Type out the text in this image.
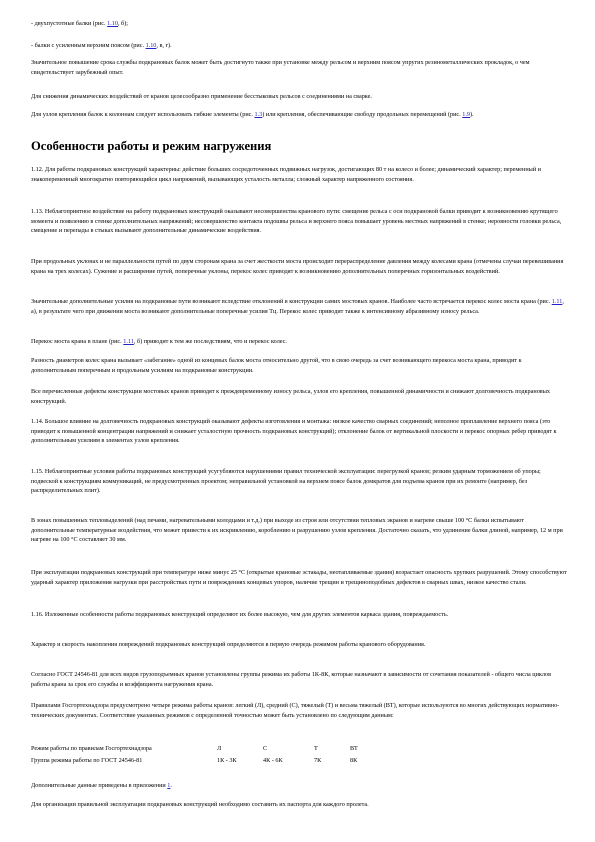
- двухпустотные балки (рис. 1.10, б);

- балки с усиленным верхним поясом (рис. 1.10, в, г).

Значительное повышение срока службы подкрановых балок может быть достигнуто также при установке между рельсом и верхним поясом упругих резинометаллических прокладок, о чем свидетельствует зарубежный опыт.

Для снижения динамических воздействий от кранов целесообразно применение бесстыковых рельсов с соединениями на сварке.

Для узлов крепления балок к колоннам следует использовать гибкие элементы (рис. 1.3) или крепления, обеспечивающие свободу продольных перемещений (рис. 1.9).

Особенности работы и режим нагружения

1.12. Для работы подкрановых конструкций характерны: действие больших сосредоточенных подвижных нагрузок, достигающих 80 т на колесо и более; динамический характер; переменный и знакопеременный многократно повторяющийся цикл напряжений, вызывающих усталость металла; сложный характер напряженного состояния.

1.13. Неблагоприятное воздействие на работу подкрановых конструкций оказывают несовершенства кранового пути: смещение рельса с оси подкрановой балки приводит к возникновению крутящего момента и появлению в стенке дополнительных напряжений; несовершенство контакта подошвы рельса и верхнего пояса повышает уровень местных напряжений в стенке; неровности головки рельса, смещение и перепады в стыках вызывают дополнительные динамические воздействия.

При продольных уклонах и не параллельности путей по двум сторонам крана за счет жесткости моста происходит перераспределение давления между колесами крана (отмечены случаи перевешивания крана на трех колесах). Сужение и расширение путей, поперечные уклоны, перекос колес приводят к возникновению дополнительных поперечных горизонтальных воздействий.

Значительные дополнительные усилия на подкрановые пути возникают вследствие отклонений в конструкции самих мостовых кранов. Наиболее часто встречается перекос колес моста крана (рис. 1.11, а), в результате чего при движении моста возникают дополнительные поперечные усилия Тц. Перекос колес приводит также к интенсивному абразивному износу рельса.

Перекос моста крана в плане (рис. 1.11, б) приводит к тем же последствиям, что и перекос колес.

Разность диаметров колес крана вызывает «забегание» одной из концевых балок моста относительно другой, что в свою очередь за счет возникающего перекоса моста крана, приводит к дополнительным поперечным и продольным усилиям на подкрановые конструкции.

Все перечисленные дефекты конструкции мостовых кранов приводят к преждевременному износу рельса, узлов его крепления, повышенной динамичности и снижают долговечность подкрановых конструкций.

1.14. Большое влияние на долговечность подкрановых конструкций оказывают дефекты изготовления и монтажа: низкое качество сварных соединений; неполное проплавление верхнего пояса (это приводит к повышенной концентрации напряжений и снижает усталостную прочность подкрановых конструкций); отклонение балок от вертикальной плоскости и перекос опорных ребер приводят к дополнительным усилиям в элементах узлов крепления.

1.15. Неблагоприятные условия работы подкрановых конструкций усугубляются нарушениями правил технической эксплуатации: перегрузкой кранов; резким ударным торможением об упоры; подвеской к конструкциям коммуникаций, не предусмотренных проектом; неправильной установкой на верхнем поясе балок домкратов для подъема кранов при их ремонте (например, без распределительных плит).

В зонах повышенных тепловыделений (над печами, нагревательными колодцами и т.д.) при выходе из строя или отсутствии тепловых экранов и нагреве свыше 100 °С балки испытывают дополнительные температурные воздействия, что может привести к их искривлению, короблению и разрушению узлов крепления. Достаточно сказать, что удлинение балки длиной, например, 12 м при нагреве на 100 °С составляет 30 мм.

При эксплуатации подкрановых конструкций при температуре ниже минус 25 °С (открытые крановые эстакады, неотапливаемые здания) возрастает опасность хрупких разрушений. Этому способствуют ударный характер приложения нагрузки при расстройствах пути и повреждениях концевых упоров, наличие трещин и трещиноподобных дефектов в сварных швах, низкое качество стали.

1.16. Изложенные особенности работы подкрановых конструкций определяют их более высокую, чем для других элементов каркаса здания, повреждаемость.

Характер и скорость накопления повреждений подкрановых конструкций определяются в первую очередь режимом работы кранового оборудования.

Согласно ГОСТ 24546-81 для всех видов грузоподъемных кранов установлены группы режима их работы 1К-8К, которые назначают в зависимости от сочетания показателей - общего числа циклов работы крана за срок его службы и коэффициента нагружения крана.

Правилами Госгортехнадзора предусмотрено четыре режима работы кранов: легкий (Л), средний (С), тяжелый (Т) и весьма тяжелый (ВТ), которые используются во многих действующих нормативно-технических документах. Соответствие указанных режимов с определенной точностью может быть установлено по следующим данным:

Режим работы по правилам Госгортехнадзора	Л	С	Т	ВТ
Группа режима работы по ГОСТ 24546-81	1К - 3К	4К - 6К	7К	8К

Дополнительные данные приведены в приложении 1.

Для организации правильной эксплуатации подкрановых конструкций необходимо составить их паспорта для каждого пролета.
